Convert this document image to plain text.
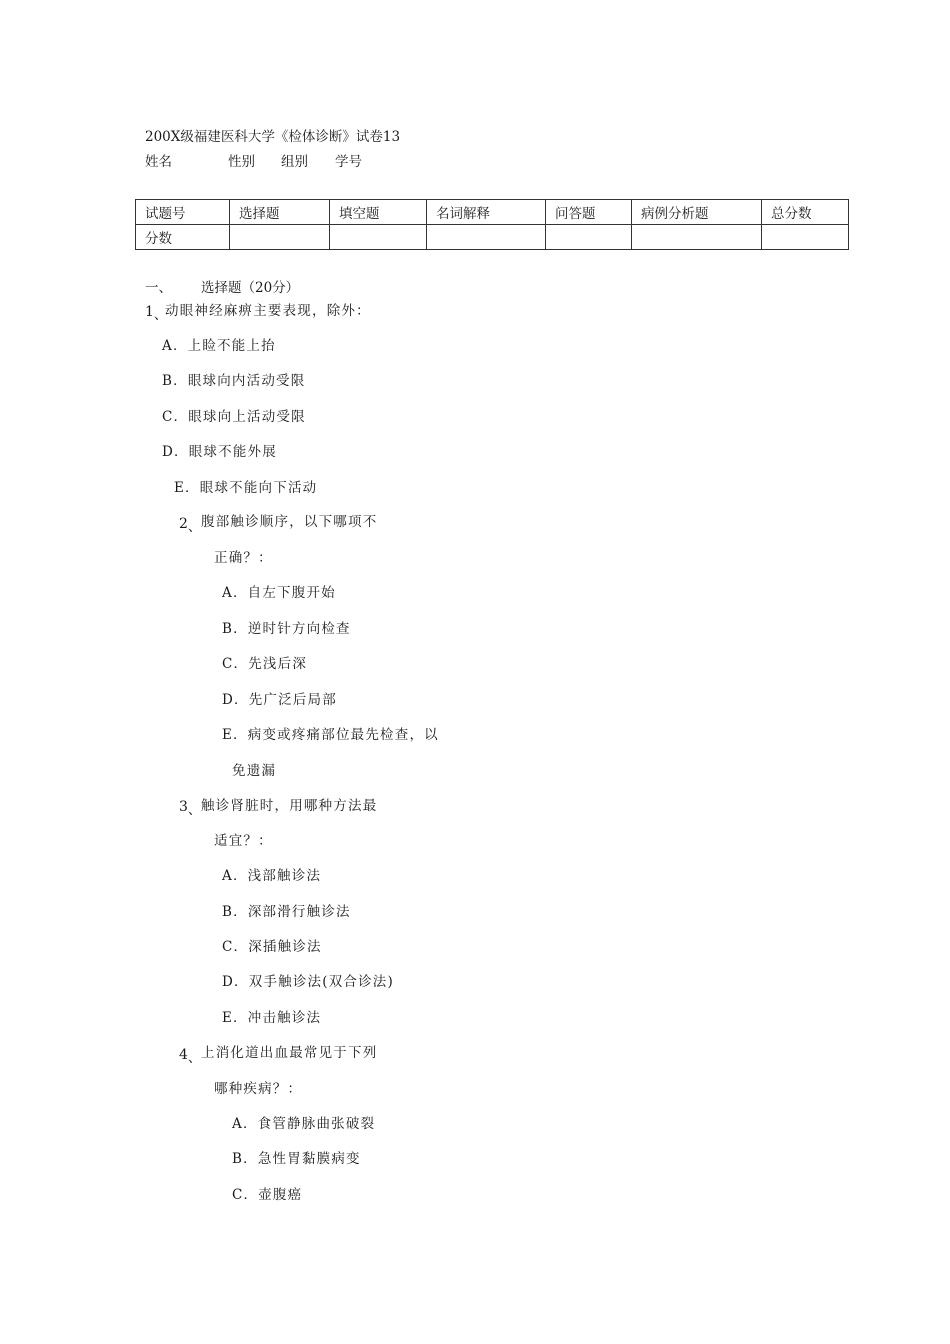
200X级福建医科大学《检体诊断》试卷13
姓名	性别 组别 学号
试题号	选择题	填空题	名词解释	问答题	病例分析题	总分数
分数						
一、 选择题（20分）
1、
动眼神经麻痹主要表现，除外：
A．上睑不能上抬
B．眼球向内活动受限
C．眼球向上活动受限
D．眼球不能外展
E．眼球不能向下活动
2、 腹部触诊顺序，以下哪项不
正确？：
A．自左下腹开始
B．逆时针方向检查
C．先浅后深
D．先广泛后局部
E．病变或疼痛部位最先检查，以
免遗漏
3、 触诊肾脏时，用哪种方法最
适宜？：
A．浅部触诊法
B．深部滑行触诊法
C．深插触诊法
D．双手触诊法(双合诊法)
E．冲击触诊法
4、 上消化道出血最常见于下列
哪种疾病？：
A．食管静脉曲张破裂
B．急性胃黏膜病变
C．壶腹癌
